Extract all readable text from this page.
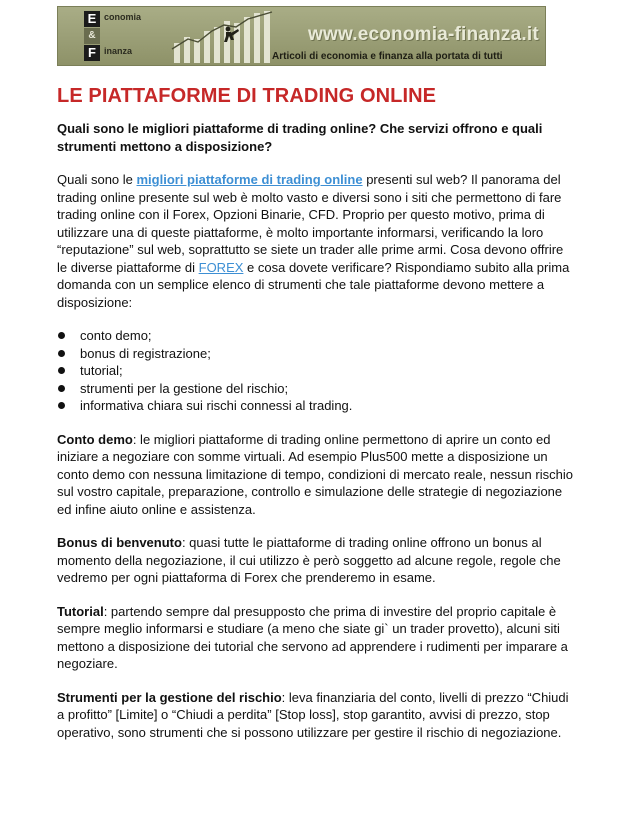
E conomia
&
F inanza
www.economia-finanza.it
Articoli di economia e finanza alla portata di tutti
LE PIATTAFORME DI TRADING ONLINE

Quali sono le migliori piattaforme di trading online? Che servizi offrono e quali strumenti mettono a disposizione?

Quali sono le migliori piattaforme di trading online presenti sul web? Il panorama del trading online presente sul web è molto vasto e diversi sono i siti che permettono di fare trading online con il Forex, Opzioni Binarie, CFD. Proprio per questo motivo, prima di utilizzare una di queste piattaforme, è molto importante informarsi, verificando la loro “reputazione” sul web, soprattutto se siete un trader alle prime armi. Cosa devono offrire le diverse piattaforme di FOREX e cosa dovete verificare? Rispondiamo subito alla prima domanda con un semplice elenco di strumenti che tale piattaforme devono mettere a disposizione:

conto demo;
bonus di registrazione;
tutorial;
strumenti per la gestione del rischio;
informativa chiara sui rischi connessi al trading.

Conto demo: le migliori piattaforme di trading online permettono di aprire un conto ed iniziare a negoziare con somme virtuali. Ad esempio Plus500 mette a disposizione un conto demo con nessuna limitazione di tempo, condizioni di mercato reale, nessun rischio sul vostro capitale, preparazione, controllo e simulazione delle strategie di negoziazione ed infine aiuto online e assistenza.

Bonus di benvenuto: quasi tutte le piattaforme di trading online offrono un bonus al momento della negoziazione, il cui utilizzo è però soggetto ad alcune regole, regole che vedremo per ogni piattaforma di Forex che prenderemo in esame.

Tutorial: partendo sempre dal presupposto che prima di investire del proprio capitale è sempre meglio informarsi e studiare (a meno che siate gi` un trader provetto), alcuni siti mettono a disposizione dei tutorial che servono ad apprendere i rudimenti per imparare a negoziare.

Strumenti per la gestione del rischio: leva finanziaria del conto, livelli di prezzo “Chiudi a profitto” [Limite] o “Chiudi a perdita” [Stop loss], stop garantito, avvisi di prezzo, stop operativo, sono strumenti che si possono utilizzare per gestire il rischio di negoziazione.
